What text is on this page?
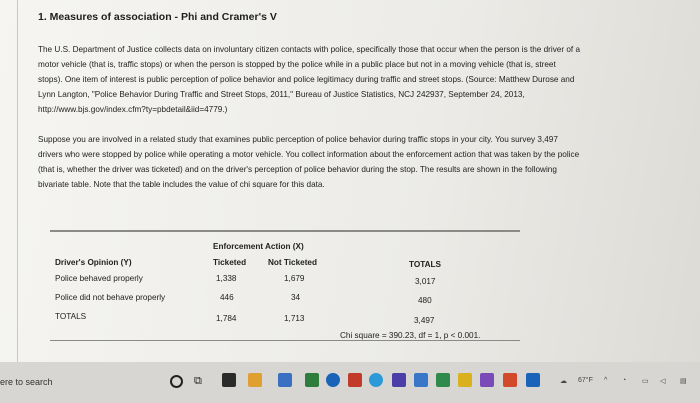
1. Measures of association - Phi and Cramer's V
The U.S. Department of Justice collects data on involuntary citizen contacts with police, specifically those that occur when the person is the driver of a
motor vehicle (that is, traffic stops) or when the person is stopped by the police while in a public place but not in a moving vehicle (that is, street
stops). One item of interest is public perception of police behavior and police legitimacy during traffic and street stops. (Source: Matthew Durose and
Lynn Langton, "Police Behavior During Traffic and Street Stops, 2011," Bureau of Justice Statistics, NCJ 242937, September 24, 2013,
http://www.bjs.gov/index.cfm?ty=pbdetail&iid=4779.)
Suppose you are involved in a related study that examines public perception of police behavior during traffic stops in your city. You survey 3,497
drivers who were stopped by police while operating a motor vehicle. You collect information about the enforcement action that was taken by the police
(that is, whether the driver was ticketed) and on the driver's perception of police behavior during the stop. The results are shown in the following
bivariate table. Note that the table includes the value of chi square for this data.
Enforcement Action (X)
Driver's Opinion (Y)	Ticketed	Not Ticketed	TOTALS
Police behaved properly	1,338	1,679	3,017
Police did not behave properly	446	34	480
TOTALS	1,784	1,713	3,497
Chi square = 390.23, df = 1, p < 0.001.
ere to search	⧉	☁ 67°F ^ ◔ ▭ ◁ ▤
